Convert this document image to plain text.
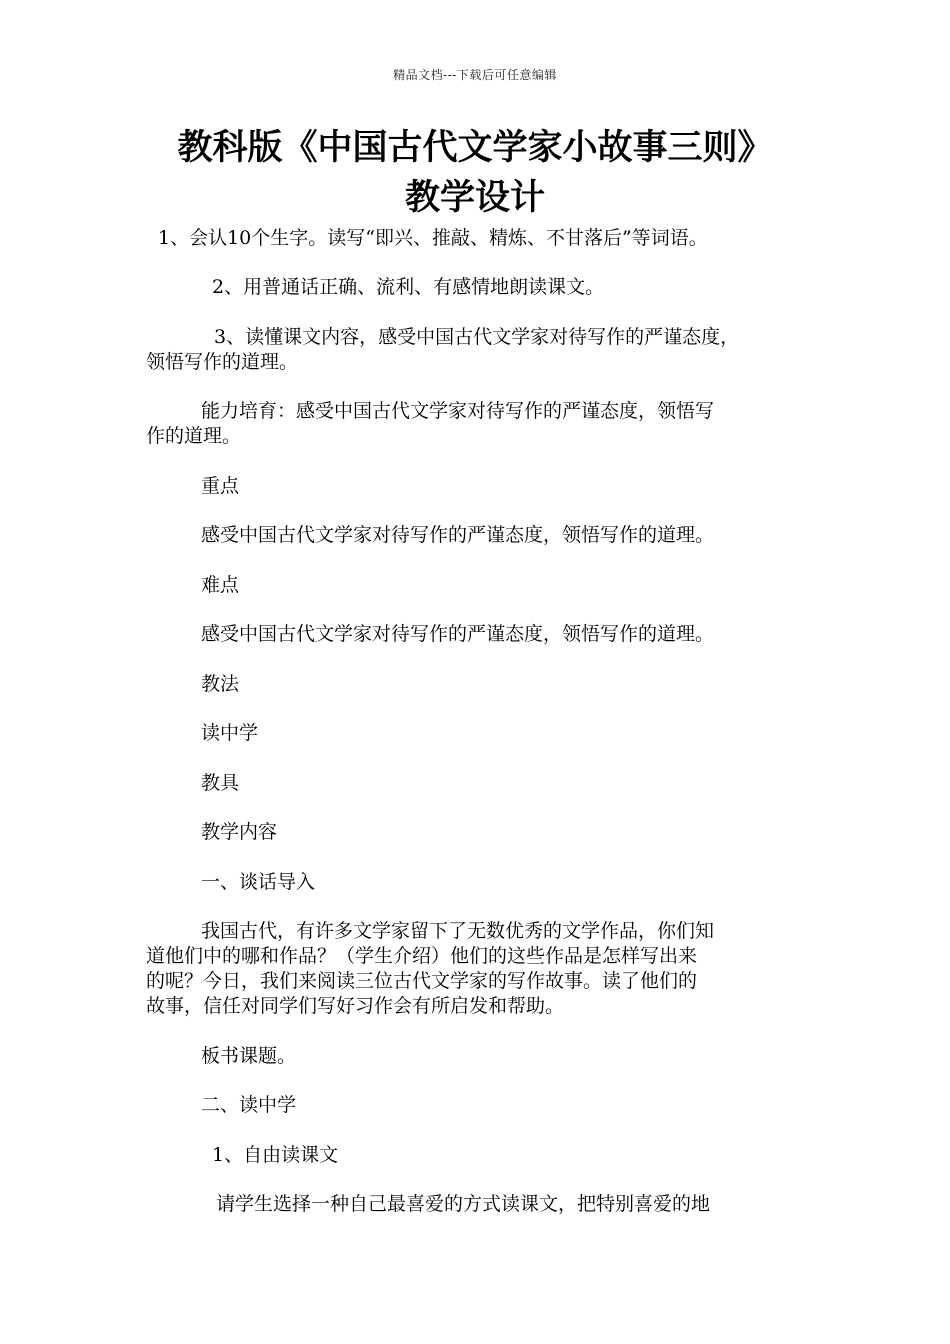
精品文档---下载后可任意编辑
教科版《中国古代文学家小故事三则》
教学设计
1、会认10个生字。读写“即兴、推敲、精炼、不甘落后”等词语。
2、用普通话正确、流利、有感情地朗读课文。
3、读懂课文内容，感受中国古代文学家对待写作的严谨态度，
领悟写作的道理。
能力培育：感受中国古代文学家对待写作的严谨态度，领悟写
作的道理。
重点
感受中国古代文学家对待写作的严谨态度，领悟写作的道理。
难点
感受中国古代文学家对待写作的严谨态度，领悟写作的道理。
教法
读中学
教具
教学内容
一、谈话导入
我国古代，有许多文学家留下了无数优秀的文学作品，你们知
道他们中的哪和作品？（学生介绍）他们的这些作品是怎样写出来
的呢？今日，我们来阅读三位古代文学家的写作故事。读了他们的
故事，信任对同学们写好习作会有所启发和帮助。
板书课题。
二、读中学
1、自由读课文
请学生选择一种自己最喜爱的方式读课文，把特别喜爱的地
